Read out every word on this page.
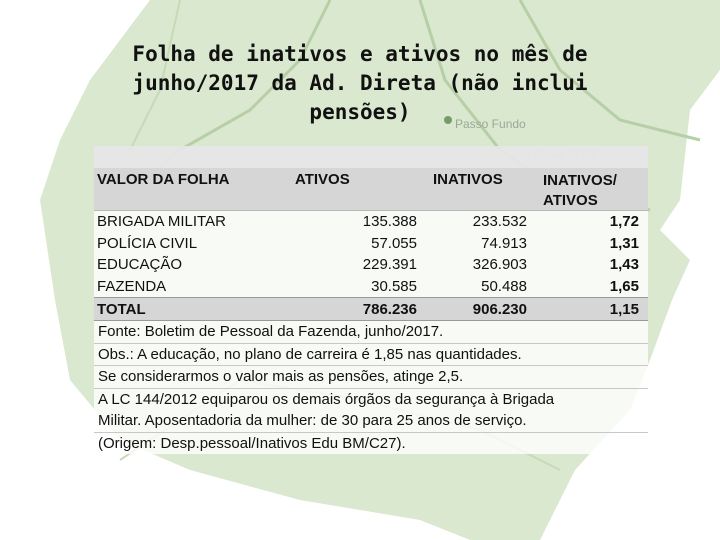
Passo Fundo
Folha de inativos e ativos no mês de junho/2017 da Ad. Direta (não inclui pensões)
VALOR DA FOLHA	ATIVOS	INATIVOS	INATIVOS/ ATIVOS
BRIGADA MILITAR	135.388	233.532	1,72
POLÍCIA CIVIL	57.055	74.913	1,31
EDUCAÇÃO	229.391	326.903	1,43
FAZENDA	30.585	50.488	1,65
TOTAL	786.236	906.230	1,15
Fonte: Boletim de Pessoal da Fazenda, junho/2017.
Obs.: A educação, no plano de carreira é 1,85 nas quantidades.
Se considerarmos o valor mais as pensões, atinge 2,5.
A LC 144/2012 equiparou os demais órgãos da segurança à Brigada
Militar. Aposentadoria da mulher: de 30 para 25 anos de serviço.
(Origem: Desp.pessoal/Inativos Edu BM/C27).
